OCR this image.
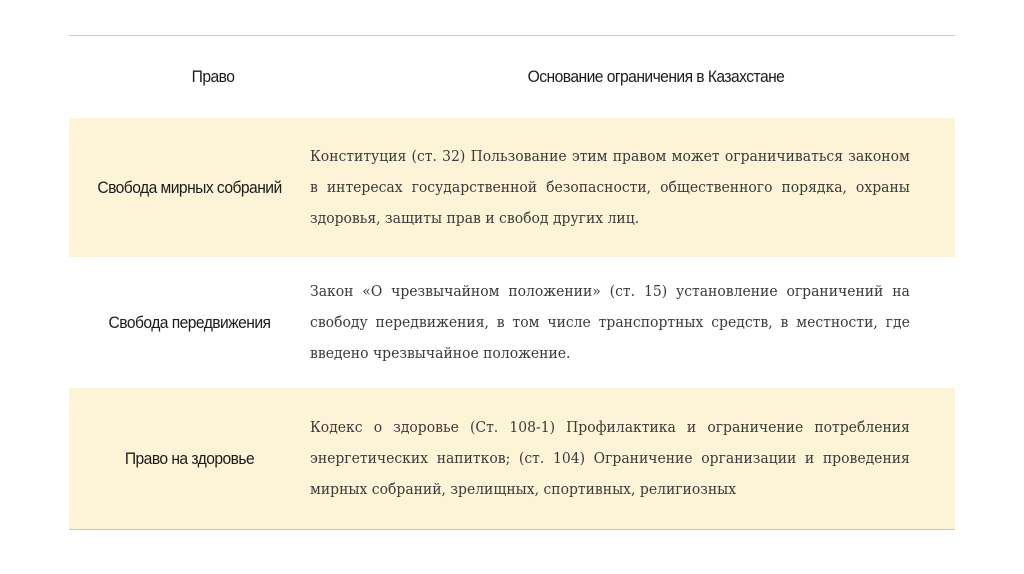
Право	Основание ограничения в Казахстане
Свобода мирных собраний
Конституция (ст. 32) Пользование этим правом может ограничиваться законом в интересах государственной безопасности, общественного порядка, охраны здоровья, защиты прав и свобод других лиц.
Свобода передвижения
Закон «О чрезвычайном положении» (ст. 15) установление ограничений на свободу передвижения, в том числе транспортных средств, в местности, где введено чрезвычайное положение.
Право на здоровье
Кодекс о здоровье (Ст. 108-1) Профилактика и ограничение потребления энергетических напитков; (ст. 104) Ограничение организации и проведения мирных собраний, зрелищных, спортивных, религиозных
